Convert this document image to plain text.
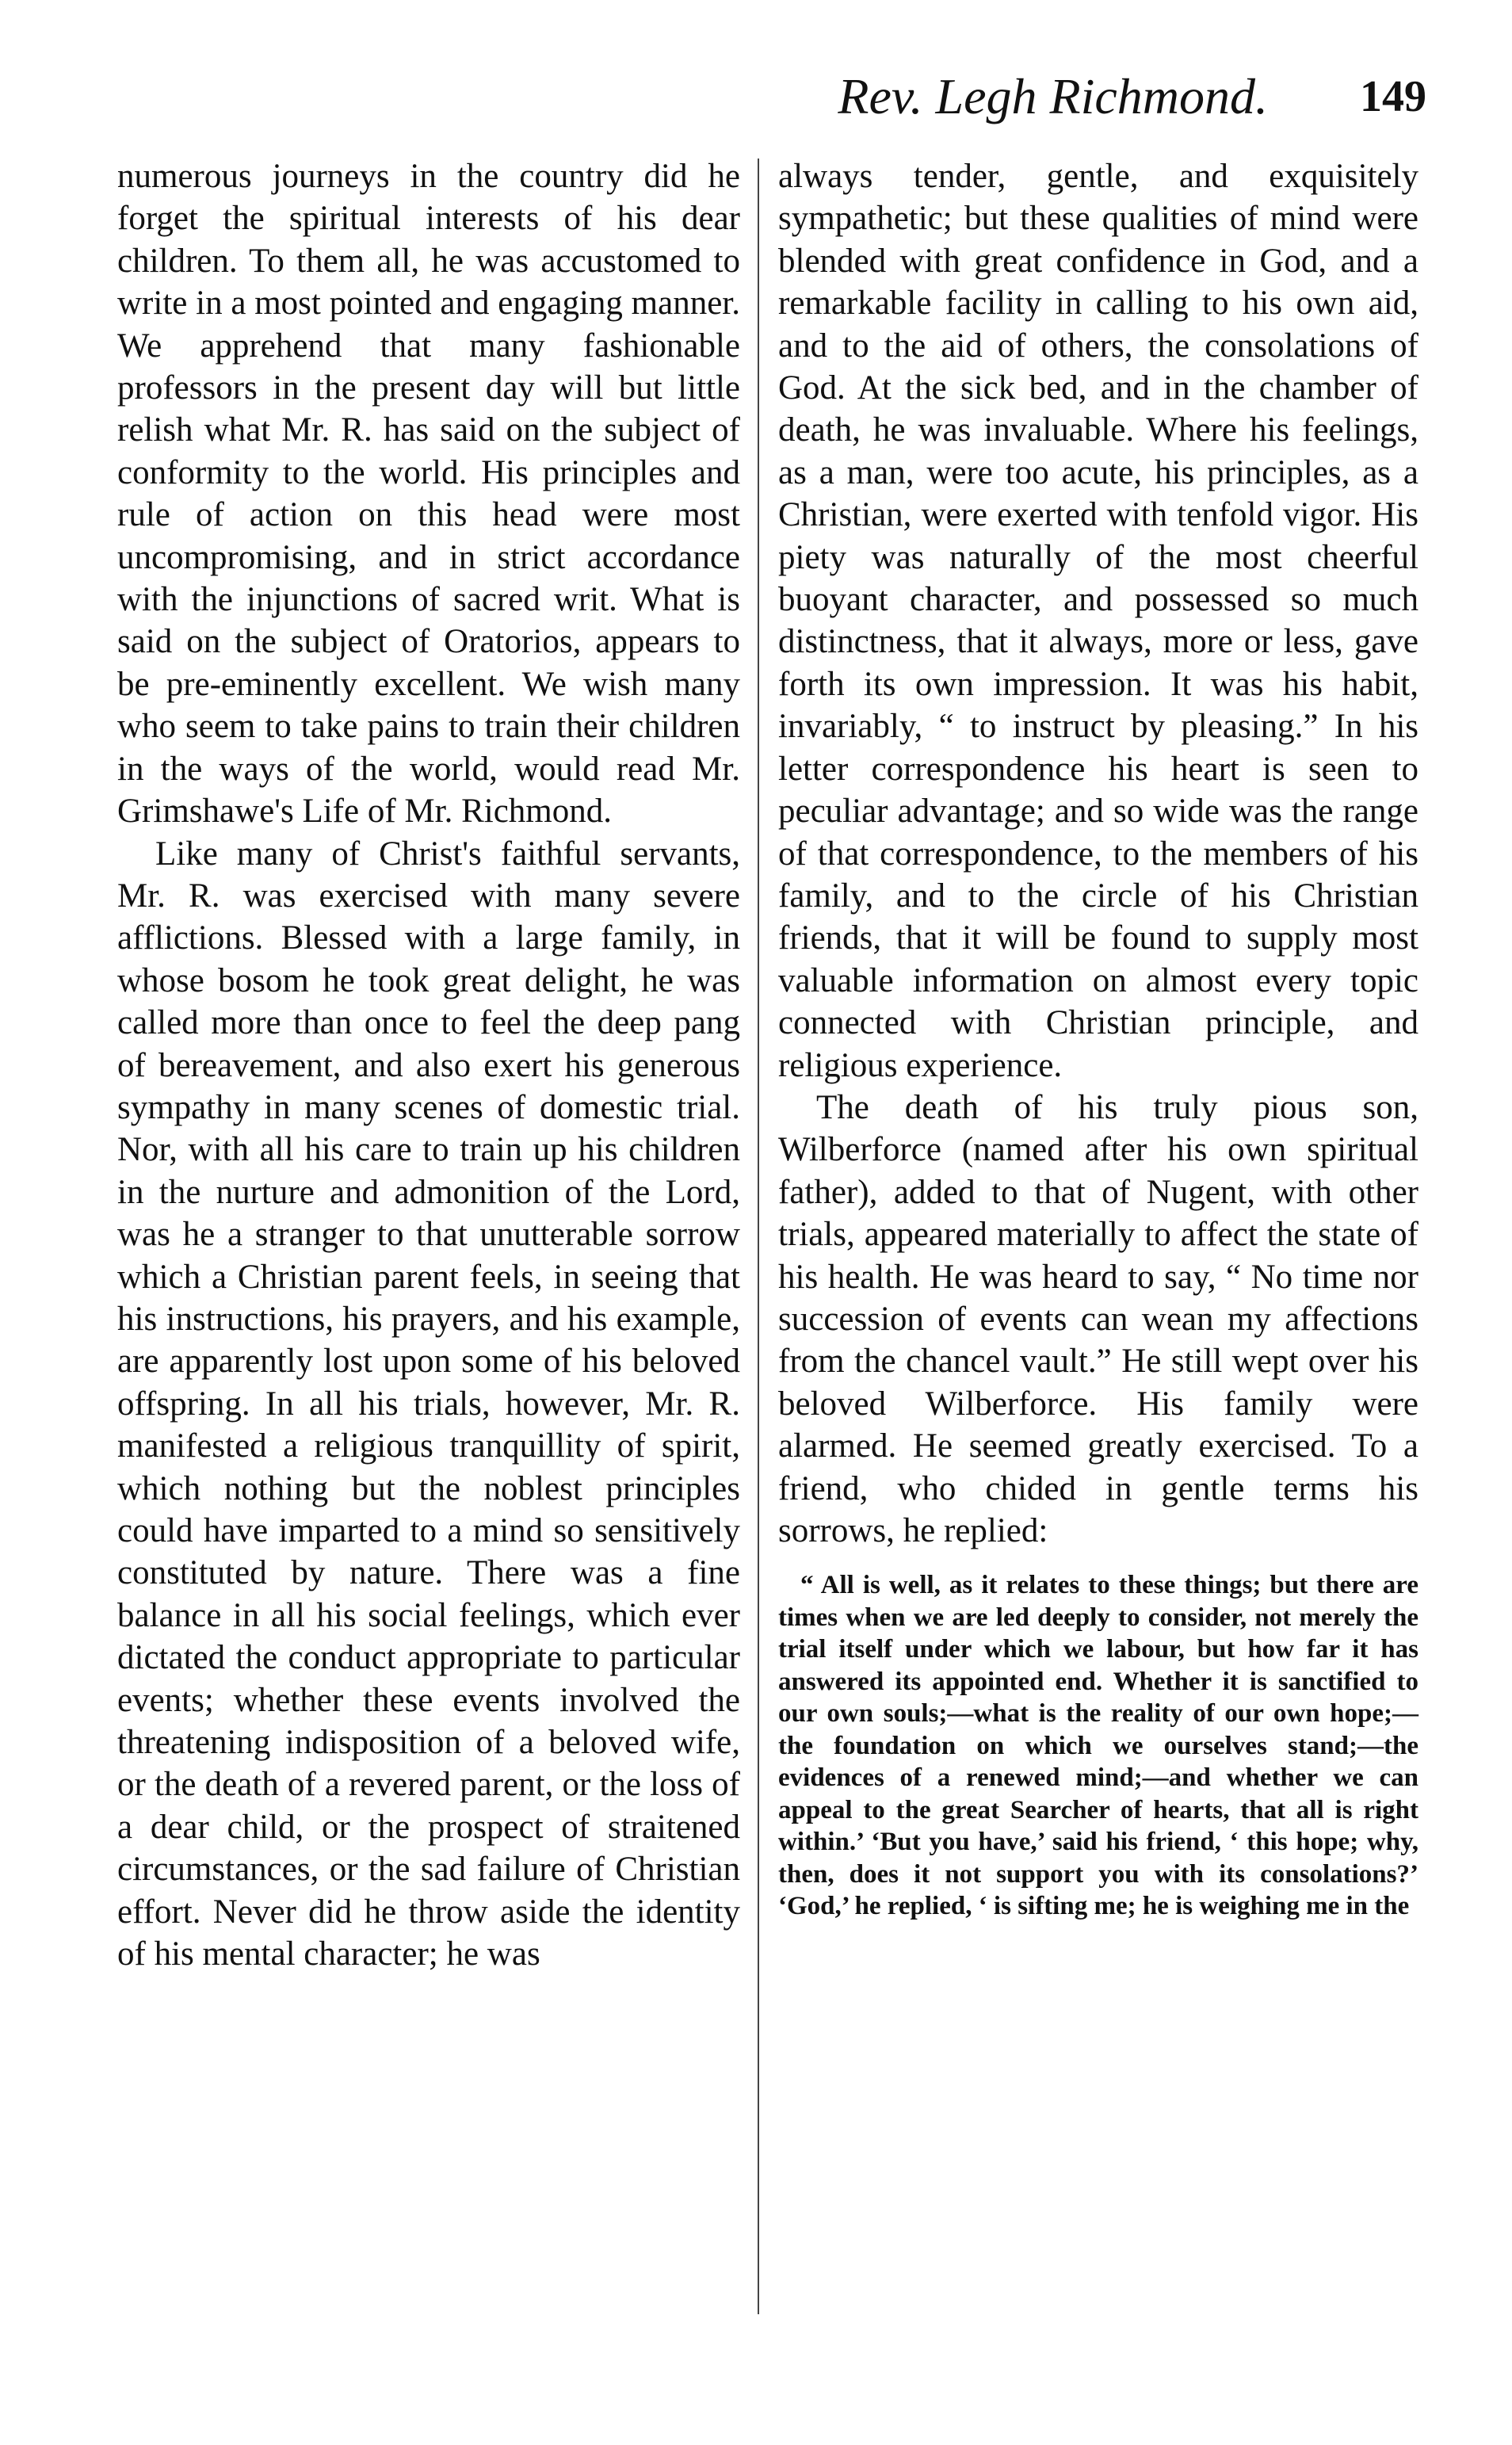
Rev. Legh Richmond. 149

numerous journeys in the country did he forget the spiritual interests of his dear children. To them all, he was accustomed to write in a most pointed and engaging manner. We apprehend that many fashionable professors in the present day will but little relish what Mr. R. has said on the subject of conformity to the world. His principles and rule of action on this head were most uncompromising, and in strict accordance with the injunctions of sacred writ. What is said on the subject of Oratorios, appears to be pre-eminently excellent. We wish many who seem to take pains to train their children in the ways of the world, would read Mr. Grimshawe's Life of Mr. Richmond.

Like many of Christ's faithful servants, Mr. R. was exercised with many severe afflictions. Blessed with a large family, in whose bosom he took great delight, he was called more than once to feel the deep pang of bereavement, and also exert his generous sympathy in many scenes of domestic trial. Nor, with all his care to train up his children in the nurture and admonition of the Lord, was he a stranger to that unutterable sorrow which a Christian parent feels, in seeing that his instructions, his prayers, and his example, are apparently lost upon some of his beloved offspring. In all his trials, however, Mr. R. manifested a religious tranquillity of spirit, which nothing but the noblest principles could have imparted to a mind so sensitively constituted by nature. There was a fine balance in all his social feelings, which ever dictated the conduct appropriate to particular events; whether these events involved the threatening indisposition of a beloved wife, or the death of a revered parent, or the loss of a dear child, or the prospect of straitened circumstances, or the sad failure of Christian effort. Never did he throw aside the identity of his mental character; he was

always tender, gentle, and exquisitely sympathetic; but these qualities of mind were blended with great confidence in God, and a remarkable facility in calling to his own aid, and to the aid of others, the consolations of God. At the sick bed, and in the chamber of death, he was invaluable. Where his feelings, as a man, were too acute, his principles, as a Christian, were exerted with tenfold vigor. His piety was naturally of the most cheerful buoyant character, and possessed so much distinctness, that it always, more or less, gave forth its own impression. It was his habit, invariably, “ to instruct by pleasing.” In his letter correspondence his heart is seen to peculiar advantage; and so wide was the range of that correspondence, to the members of his family, and to the circle of his Christian friends, that it will be found to supply most valuable information on almost every topic connected with Christian principle, and religious experience.

The death of his truly pious son, Wilberforce (named after his own spiritual father), added to that of Nugent, with other trials, appeared materially to affect the state of his health. He was heard to say, “ No time nor succession of events can wean my affections from the chancel vault.” He still wept over his beloved Wilberforce. His family were alarmed. He seemed greatly exercised. To a friend, who chided in gentle terms his sorrows, he replied:

“ All is well, as it relates to these things; but there are times when we are led deeply to consider, not merely the trial itself under which we labour, but how far it has answered its appointed end. Whether it is sanctified to our own souls;—what is the reality of our own hope;—the foundation on which we ourselves stand;—the evidences of a renewed mind;—and whether we can appeal to the great Searcher of hearts, that all is right within.’ ‘But you have,’ said his friend, ‘ this hope; why, then, does it not support you with its consolations?’ ‘God,’ he replied, ‘ is sifting me; he is weighing me in the
